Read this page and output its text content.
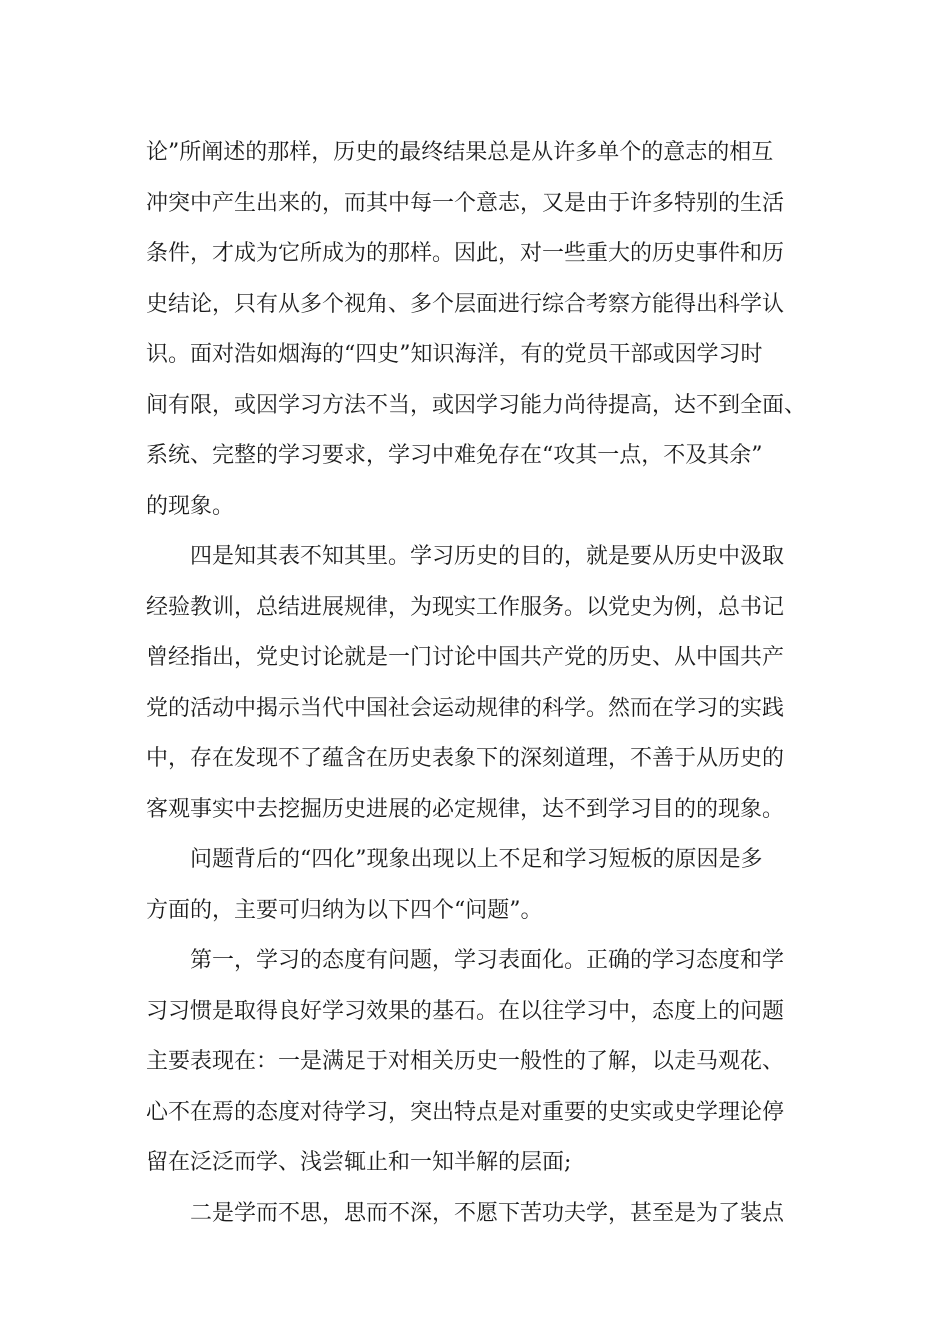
论”所阐述的那样，历史的最终结果总是从许多单个的意志的相互
冲突中产生出来的，而其中每一个意志，又是由于许多特别的生活
条件，才成为它所成为的那样。因此，对一些重大的历史事件和历
史结论，只有从多个视角、多个层面进行综合考察方能得出科学认
识。面对浩如烟海的“四史”知识海洋，有的党员干部或因学习时
间有限，或因学习方法不当，或因学习能力尚待提高，达不到全面、
系统、完整的学习要求，学习中难免存在“攻其一点，不及其余”
的现象。
四是知其表不知其里。学习历史的目的，就是要从历史中汲取
经验教训，总结进展规律，为现实工作服务。以党史为例，总书记
曾经指出，党史讨论就是一门讨论中国共产党的历史、从中国共产
党的活动中揭示当代中国社会运动规律的科学。然而在学习的实践
中，存在发现不了蕴含在历史表象下的深刻道理，不善于从历史的
客观事实中去挖掘历史进展的必定规律，达不到学习目的的现象。
问题背后的“四化”现象出现以上不足和学习短板的原因是多
方面的，主要可归纳为以下四个“问题”。
第一，学习的态度有问题，学习表面化。正确的学习态度和学
习习惯是取得良好学习效果的基石。在以往学习中，态度上的问题
主要表现在：一是满足于对相关历史一般性的了解，以走马观花、
心不在焉的态度对待学习，突出特点是对重要的史实或史学理论停
留在泛泛而学、浅尝辄止和一知半解的层面;
二是学而不思，思而不深，不愿下苦功夫学，甚至是为了装点
